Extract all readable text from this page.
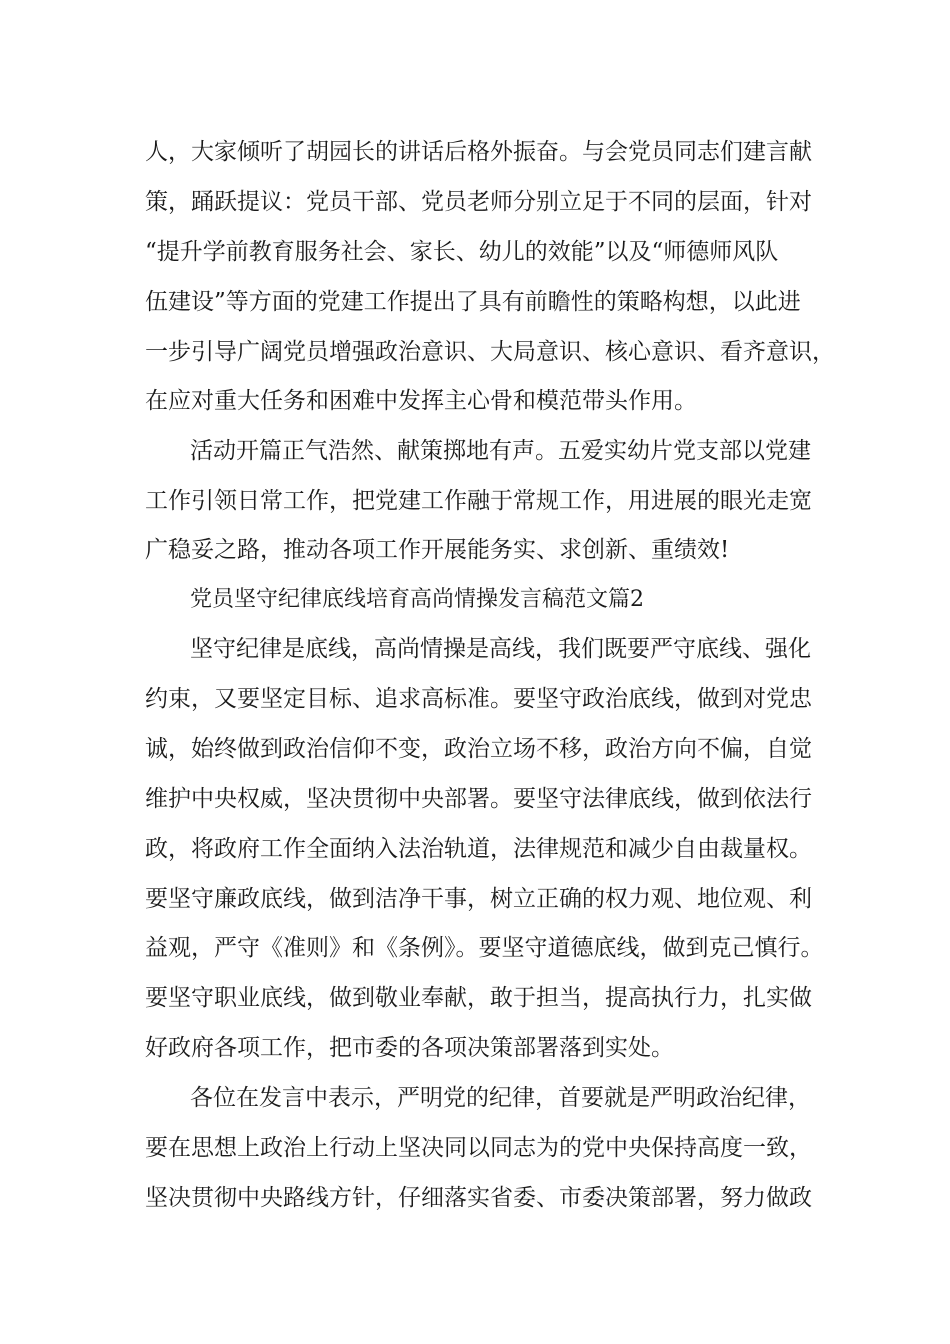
人，大家倾听了胡园长的讲话后格外振奋。与会党员同志们建言献
策，踊跃提议：党员干部、党员老师分别立足于不同的层面，针对
“提升学前教育服务社会、家长、幼儿的效能”以及“师德师风队
伍建设”等方面的党建工作提出了具有前瞻性的策略构想，以此进
一步引导广阔党员增强政治意识、大局意识、核心意识、看齐意识，
在应对重大任务和困难中发挥主心骨和模范带头作用。
活动开篇正气浩然、献策掷地有声。五爱实幼片党支部以党建
工作引领日常工作，把党建工作融于常规工作，用进展的眼光走宽
广稳妥之路，推动各项工作开展能务实、求创新、重绩效!
党员坚守纪律底线培育高尚情操发言稿范文篇2
坚守纪律是底线，高尚情操是高线，我们既要严守底线、强化
约束，又要坚定目标、追求高标准。要坚守政治底线，做到对党忠
诚，始终做到政治信仰不变，政治立场不移，政治方向不偏，自觉
维护中央权威，坚决贯彻中央部署。要坚守法律底线，做到依法行
政，将政府工作全面纳入法治轨道，法律规范和减少自由裁量权。
要坚守廉政底线，做到洁净干事，树立正确的权力观、地位观、利
益观，严守《准则》和《条例》。要坚守道德底线，做到克己慎行。
要坚守职业底线，做到敬业奉献，敢于担当，提高执行力，扎实做
好政府各项工作，把市委的各项决策部署落到实处。
各位在发言中表示，严明党的纪律，首要就是严明政治纪律，
要在思想上政治上行动上坚决同以同志为的党中央保持高度一致，
坚决贯彻中央路线方针，仔细落实省委、市委决策部署，努力做政
